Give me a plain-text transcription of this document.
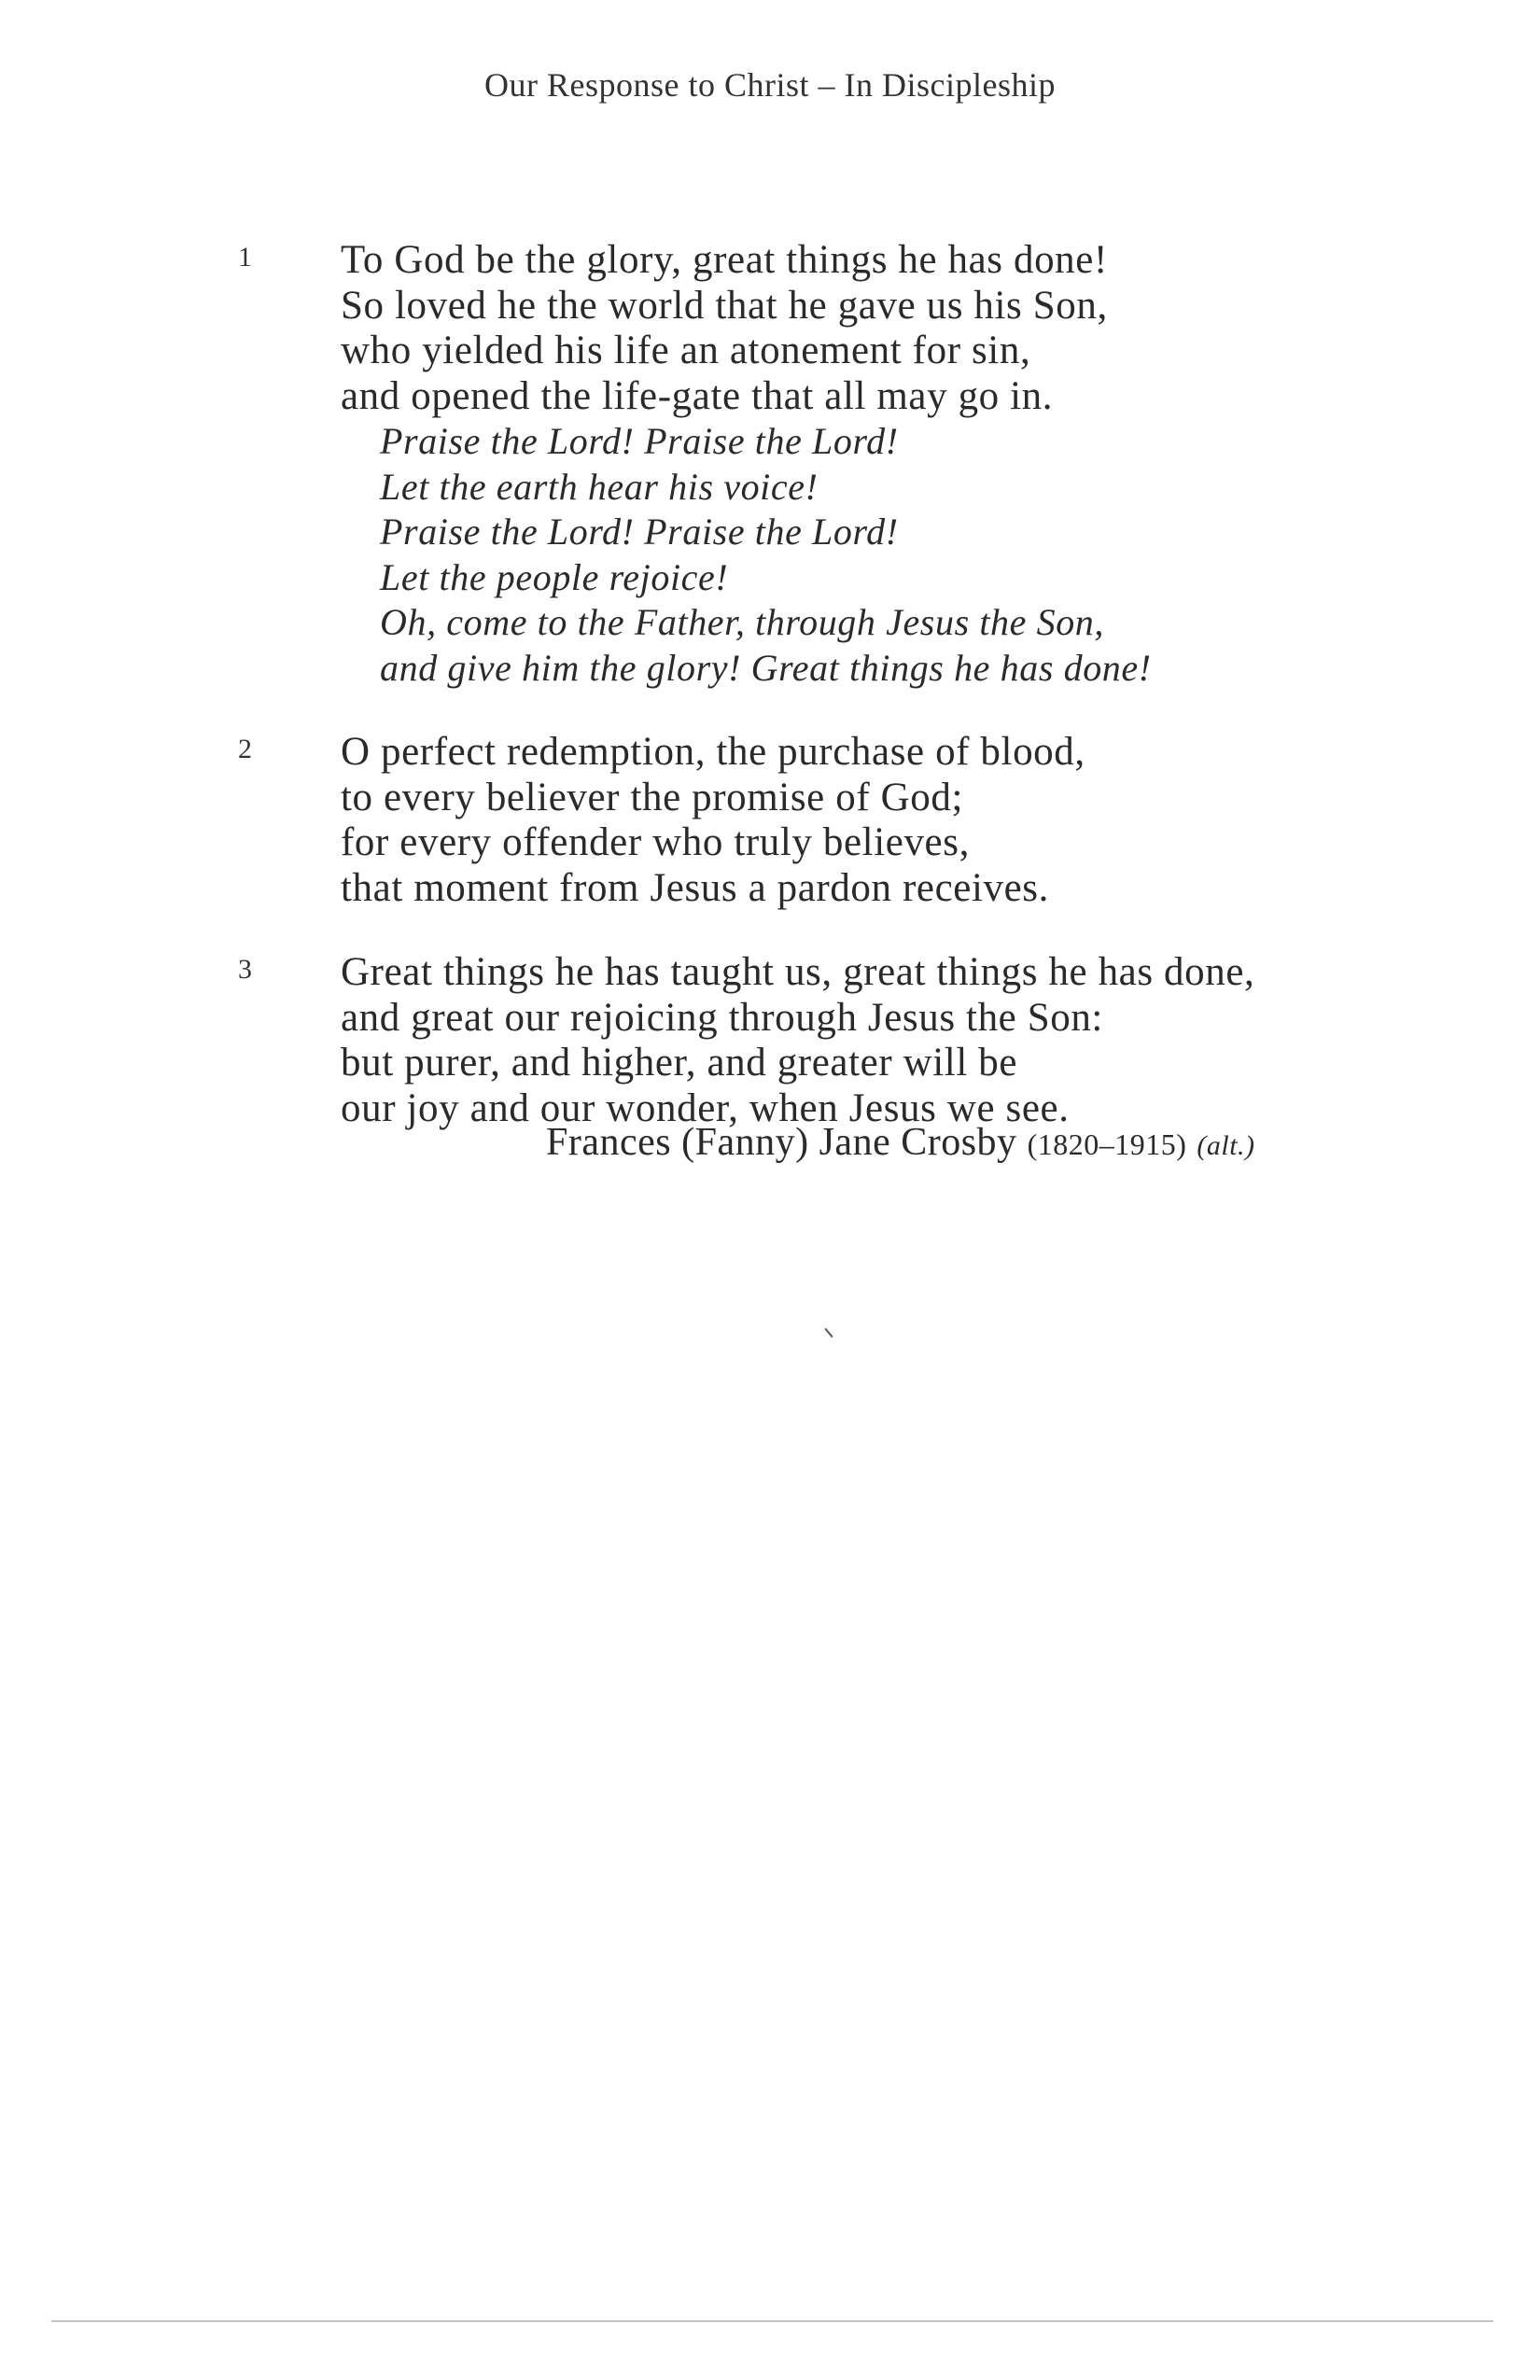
Our Response to Christ – In Discipleship
1 To God be the glory, great things he has done!
So loved he the world that he gave us his Son,
who yielded his life an atonement for sin,
and opened the life-gate that all may go in.
Praise the Lord! Praise the Lord!
Let the earth hear his voice!
Praise the Lord! Praise the Lord!
Let the people rejoice!
Oh, come to the Father, through Jesus the Son,
and give him the glory! Great things he has done!
2 O perfect redemption, the purchase of blood,
to every believer the promise of God;
for every offender who truly believes,
that moment from Jesus a pardon receives.
3 Great things he has taught us, great things he has done,
and great our rejoicing through Jesus the Son:
but purer, and higher, and greater will be
our joy and our wonder, when Jesus we see.
Frances (Fanny) Jane Crosby (1820–1915) (alt.)
